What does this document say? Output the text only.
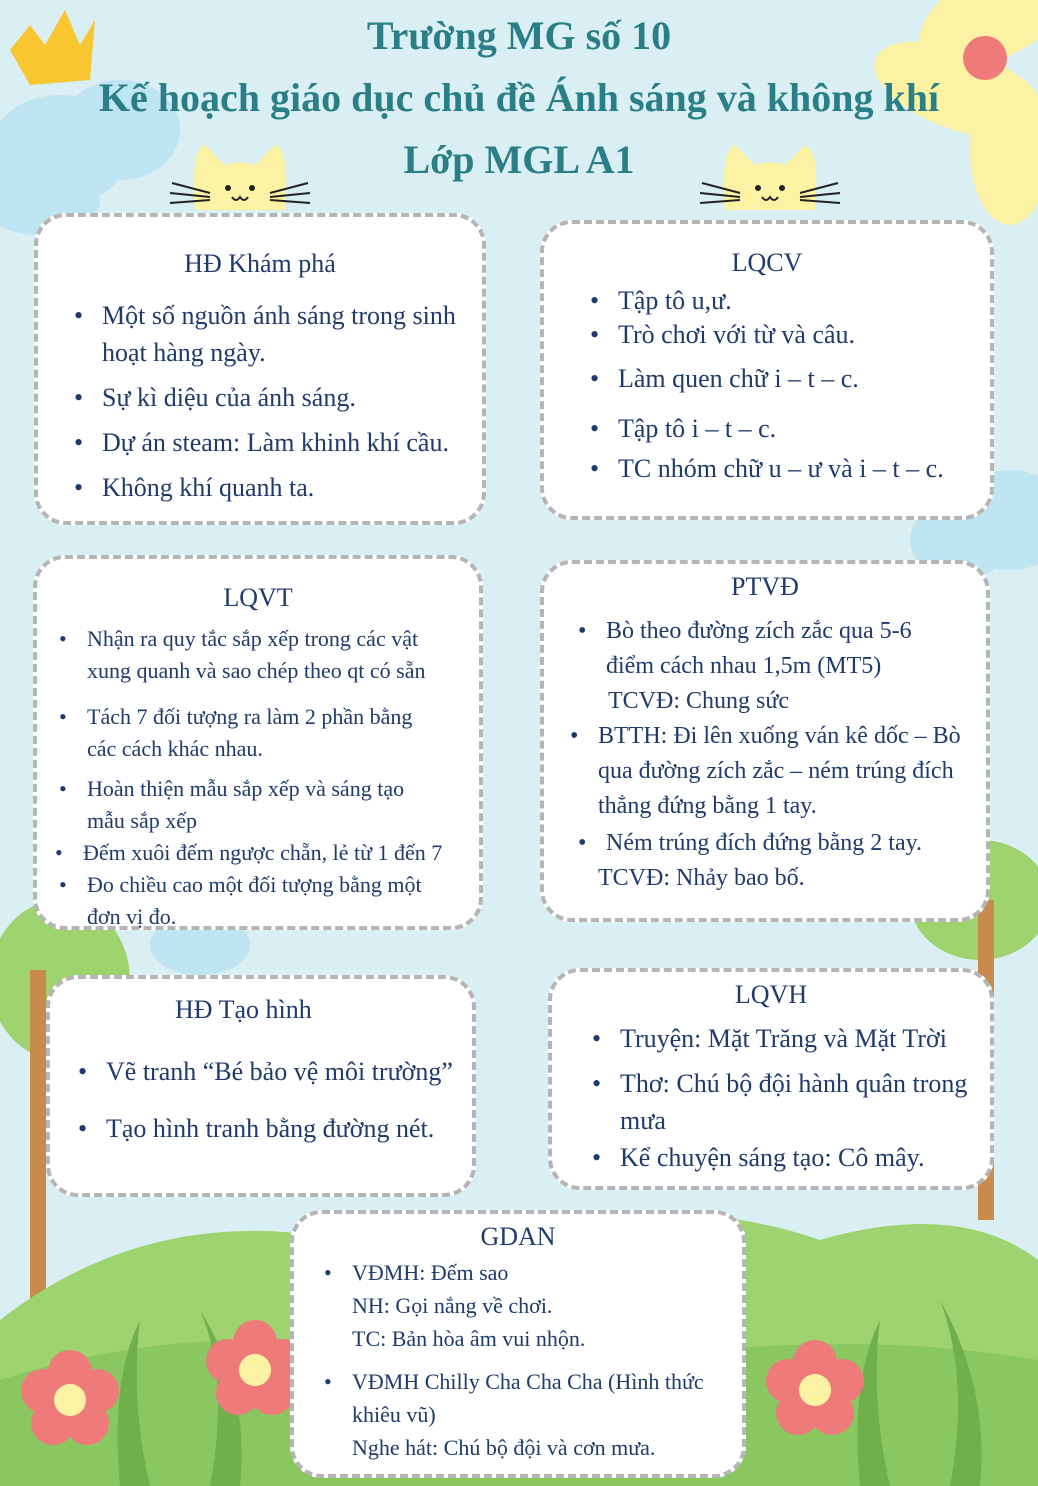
Trường MG số 10
Kế hoạch giáo dục chủ đề Ánh sáng và không khí
Lớp MGL A1
HĐ Khám phá
• Một số nguồn ánh sáng trong sinh
hoạt hàng ngày.
• Sự kì diệu của ánh sáng.
• Dự án steam: Làm khinh khí cầu.
• Không khí quanh ta.
LQCV
• Tập tô u,ư.
• Trò chơi với từ và câu.
• Làm quen chữ i – t – c.
• Tập tô i – t – c.
• TC nhóm chữ u – ư và i – t – c.
LQVT
• Nhận ra quy tắc sắp xếp trong các vật
xung quanh và sao chép theo qt có sẵn
• Tách 7 đối tượng ra làm 2 phần bằng
các cách khác nhau.
• Hoàn thiện mẫu sắp xếp và sáng tạo
mẫu sắp xếp
• Đếm xuôi đếm ngược chẵn, lẻ từ 1 đến 7
• Đo chiều cao một đối tượng bằng một
đơn vị đo.
PTVĐ
• Bò theo đường zích zắc qua 5-6
điểm cách nhau 1,5m (MT5)
TCVĐ: Chung sức
• BTTH: Đi lên xuống ván kê dốc – Bò
qua đường zích zắc – ném trúng đích
thẳng đứng bằng 1 tay.
• Ném trúng đích đứng bằng 2 tay.
TCVĐ: Nhảy bao bố.
HĐ Tạo hình
• Vẽ tranh “Bé bảo vệ môi trường”
• Tạo hình tranh bằng đường nét.
LQVH
• Truyện: Mặt Trăng và Mặt Trời
• Thơ: Chú bộ đội hành quân trong
mưa
• Kể chuyện sáng tạo: Cô mây.
GDAN
• VĐMH: Đếm sao
NH: Gọi nắng về chơi.
TC: Bản hòa âm vui nhộn.
• VĐMH Chilly Cha Cha Cha (Hình thức
khiêu vũ)
Nghe hát: Chú bộ đội và cơn mưa.
